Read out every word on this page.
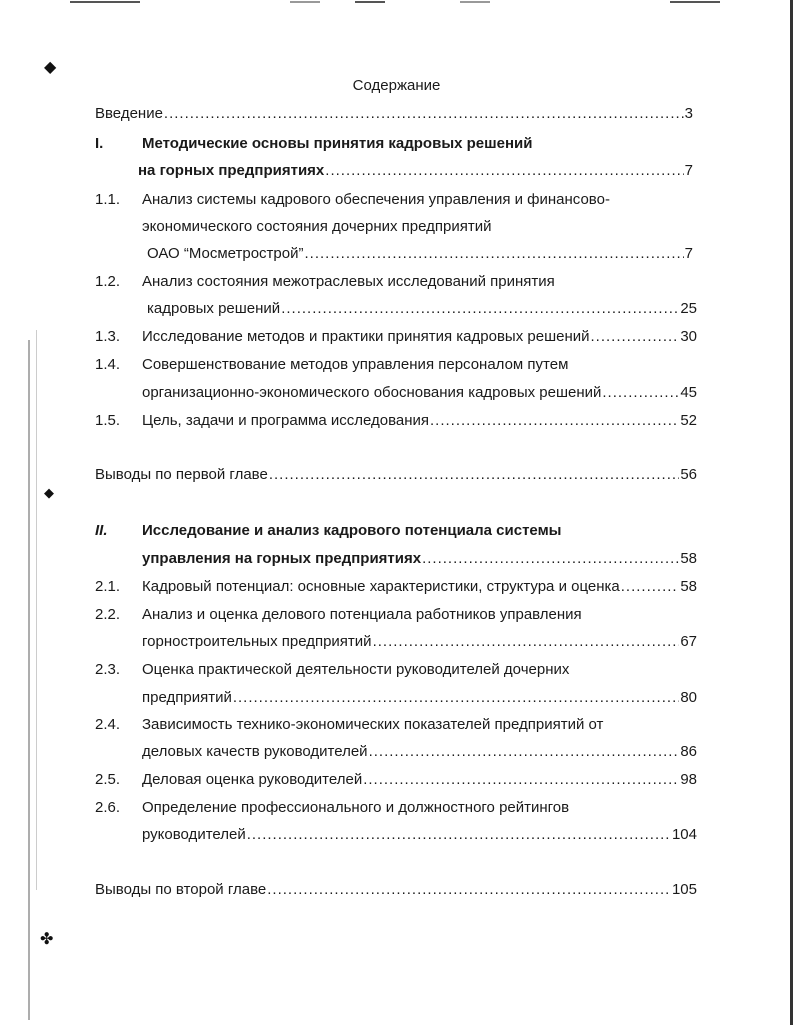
◆
◆
✤
Содержание
Введение .....	3
I.	Методические основы принятия кадровых решений
на горных предприятиях .....	7
1.1. Анализ системы кадрового обеспечения управления и финансово-
экономического состояния дочерних предприятий
ОАО “Мосметрострой” .....	7
1.2. Анализ состояния межотраслевых исследований принятия
кадровых решений .....	25
1.3. Исследование методов и практики принятия кадровых решений .....	30
1.4. Совершенствование методов управления персоналом путем
организационно-экономического обоснования кадровых решений .....	45
1.5. Цель, задачи и программа исследования .....	52
Выводы по первой главе .....	56
II. Исследование и анализ кадрового потенциала системы
управления на горных предприятиях .....	58
2.1. Кадровый потенциал: основные характеристики, структура и оценка .....	58
2.2. Анализ и оценка делового потенциала работников управления
горностроительных предприятий .....	67
2.3. Оценка практической деятельности руководителей дочерних
предприятий .....	80
2.4. Зависимость технико-экономических показателей предприятий от
деловых качеств руководителей .....	86
2.5. Деловая оценка руководителей .....	98
2.6. Определение профессионального и должностного рейтингов
руководителей .....	104
Выводы по второй главе .....	105
